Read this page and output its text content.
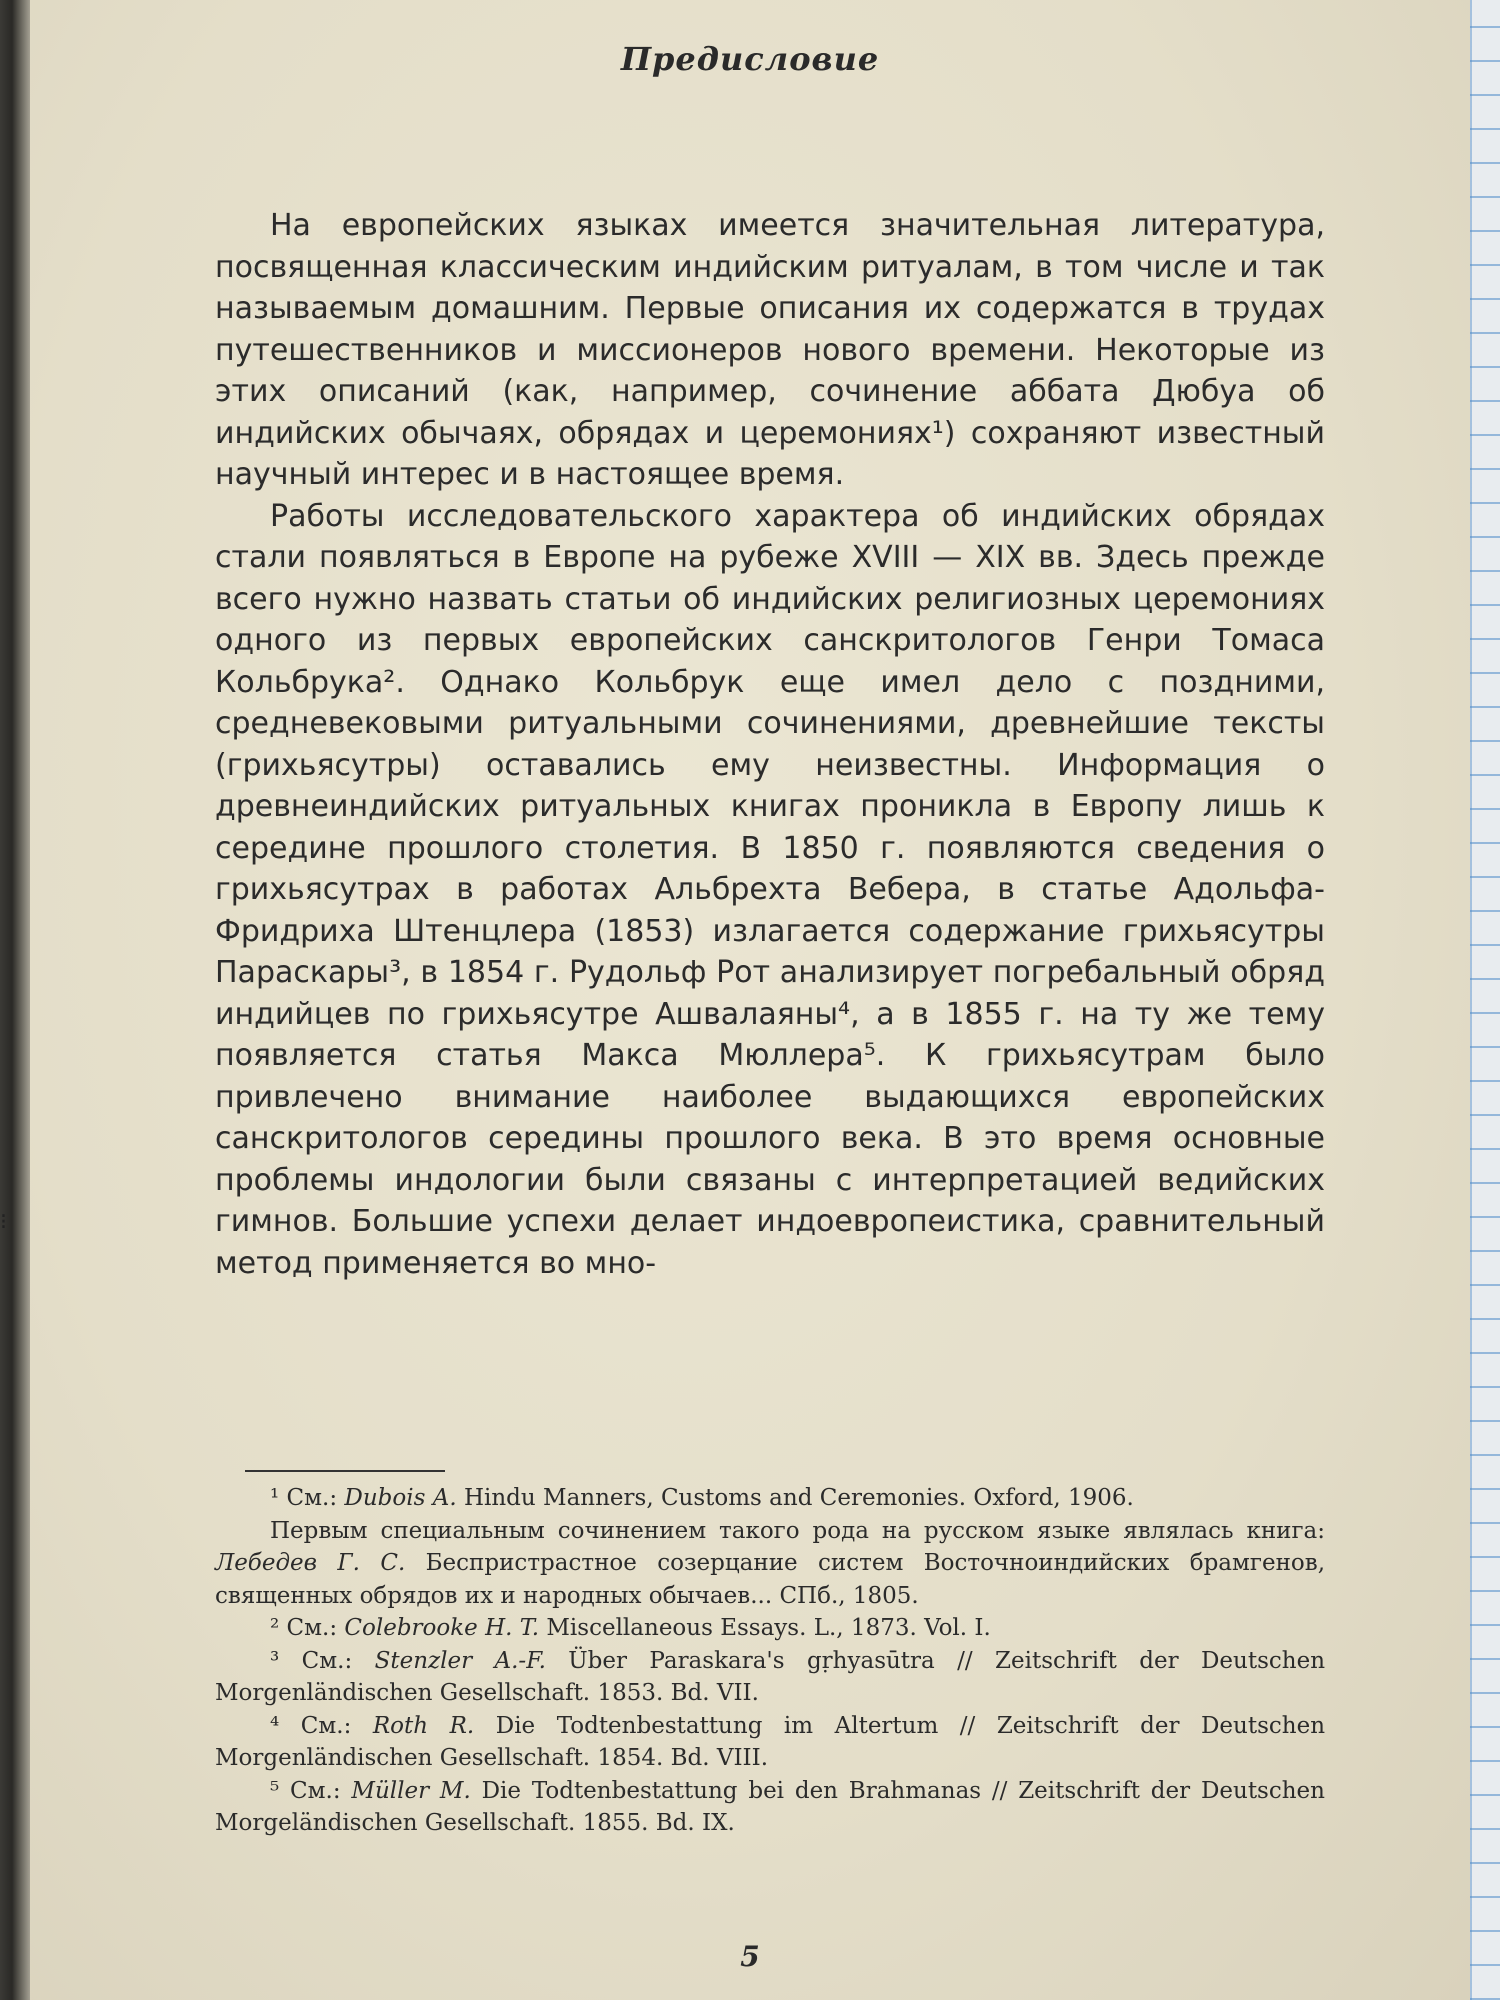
⁝
Предисловие

На европейских языках имеется значительная литература, посвященная классическим индийским ритуалам, в том числе и так называемым домашним. Первые описания их содержатся в трудах путешественников и миссионеров нового времени. Некоторые из этих описаний (как, например, сочинение аббата Дюбуа об индийских обычаях, обрядах и церемониях¹) сохраняют известный научный интерес и в настоящее время.

Работы исследовательского характера об индийских обрядах стали появляться в Европе на рубеже XVIII — XIX вв. Здесь прежде всего нужно назвать статьи об индийских религиозных церемониях одного из первых европейских санскритологов Генри Томаса Кольбрука². Однако Кольбрук еще имел дело с поздними, средневековыми ритуальными сочинениями, древнейшие тексты (грихьясутры) оставались ему неизвестны. Информация о древнеиндийских ритуальных книгах проникла в Европу лишь к середине прошлого столетия. В 1850 г. появляются сведения о грихьясутрах в работах Альбрехта Вебера, в статье Адольфа-Фридриха Штенцлера (1853) излагается содержание грихьясутры Параскары³, в 1854 г. Рудольф Рот анализирует погребальный обряд индийцев по грихьясутре Ашвалаяны⁴, а в 1855 г. на ту же тему появляется статья Макса Мюллера⁵. К грихьясутрам было привлечено внимание наиболее выдающихся европейских санскритологов середины прошлого века. В это время основные проблемы индологии были связаны с интерпретацией ведийских гимнов. Большие успехи делает индоевропеистика, сравнительный метод применяется во мно-

¹ См.: Dubois A. Hindu Manners, Customs and Ceremonies. Oxford, 1906.

Первым специальным сочинением такого рода на русском языке являлась книга: Лебедев Г. С. Беспристрастное созерцание систем Восточноиндийских брамгенов, священных обрядов их и народных обычаев... СПб., 1805.

² См.: Colebrooke H. T. Miscellaneous Essays. L., 1873. Vol. I.

³ См.: Stenzler A.-F. Über Paraskara's gṛhyasūtra // Zeitschrift der Deutschen Morgenländischen Gesellschaft. 1853. Bd. VII.

⁴ См.: Roth R. Die Todtenbestattung im Altertum // Zeitschrift der Deutschen Morgenländischen Gesellschaft. 1854. Bd. VIII.

⁵ См.: Müller M. Die Todtenbestattung bei den Brahmanas // Zeitschrift der Deutschen Morgeländischen Gesellschaft. 1855. Bd. IX.

5
